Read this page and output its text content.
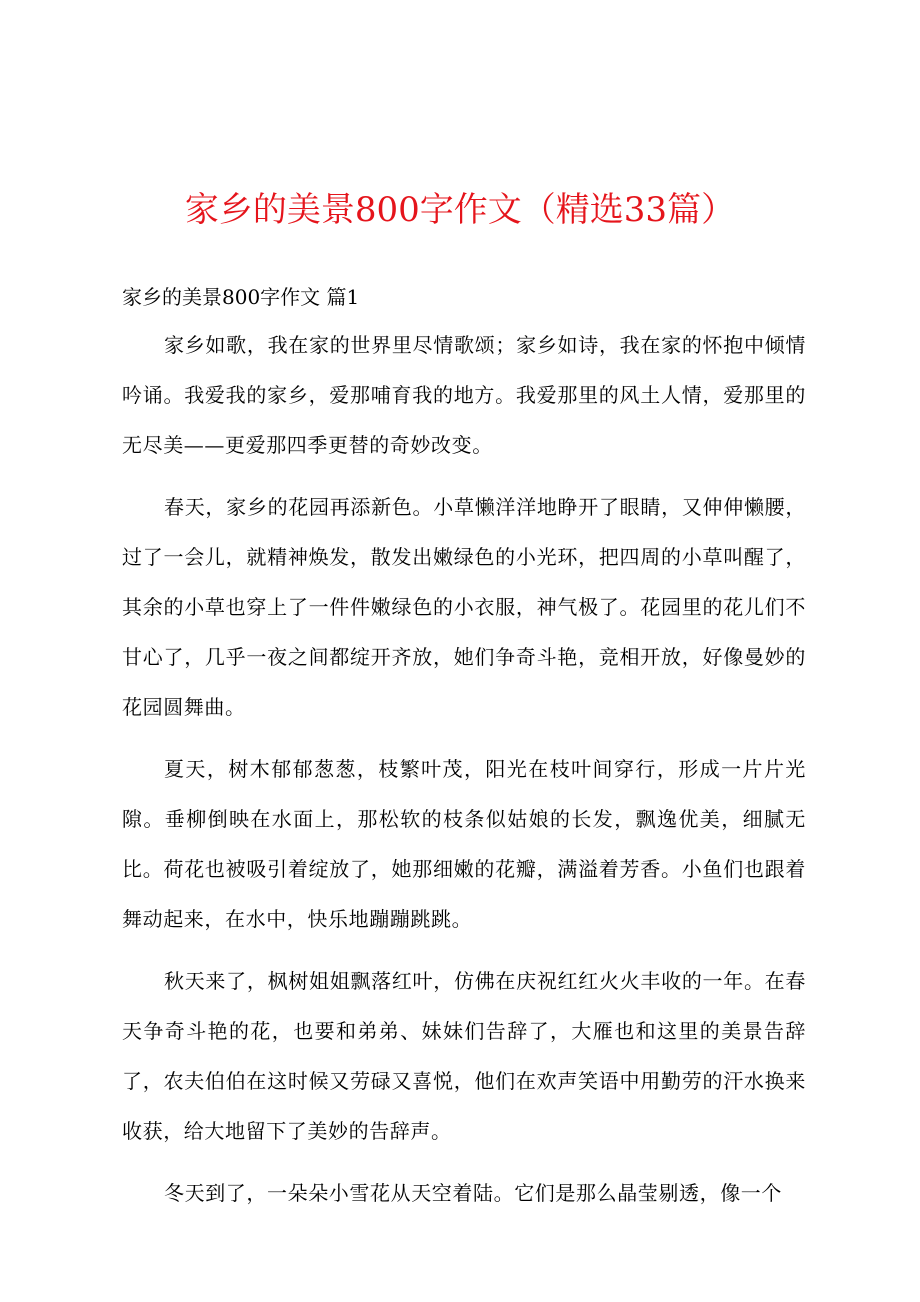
家乡的美景800字作文（精选33篇）

家乡的美景800字作文 篇1

家乡如歌，我在家的世界里尽情歌颂；家乡如诗，我在家的怀抱中倾情吟诵。我爱我的家乡，爱那哺育我的地方。我爱那里的风土人情，爱那里的无尽美——更爱那四季更替的奇妙改变。

春天，家乡的花园再添新色。小草懒洋洋地睁开了眼睛，又伸伸懒腰，过了一会儿，就精神焕发，散发出嫩绿色的小光环，把四周的小草叫醒了，其余的小草也穿上了一件件嫩绿色的小衣服，神气极了。花园里的花儿们不甘心了，几乎一夜之间都绽开齐放，她们争奇斗艳，竞相开放，好像曼妙的花园圆舞曲。

夏天，树木郁郁葱葱，枝繁叶茂，阳光在枝叶间穿行，形成一片片光隙。垂柳倒映在水面上，那松软的枝条似姑娘的长发，飘逸优美，细腻无比。荷花也被吸引着绽放了，她那细嫩的花瓣，满溢着芳香。小鱼们也跟着舞动起来，在水中，快乐地蹦蹦跳跳。

秋天来了，枫树姐姐飘落红叶，仿佛在庆祝红红火火丰收的一年。在春天争奇斗艳的花，也要和弟弟、妹妹们告辞了，大雁也和这里的美景告辞了，农夫伯伯在这时候又劳碌又喜悦，他们在欢声笑语中用勤劳的汗水换来收获，给大地留下了美妙的告辞声。

冬天到了，一朵朵小雪花从天空着陆。它们是那么晶莹剔透，像一个
